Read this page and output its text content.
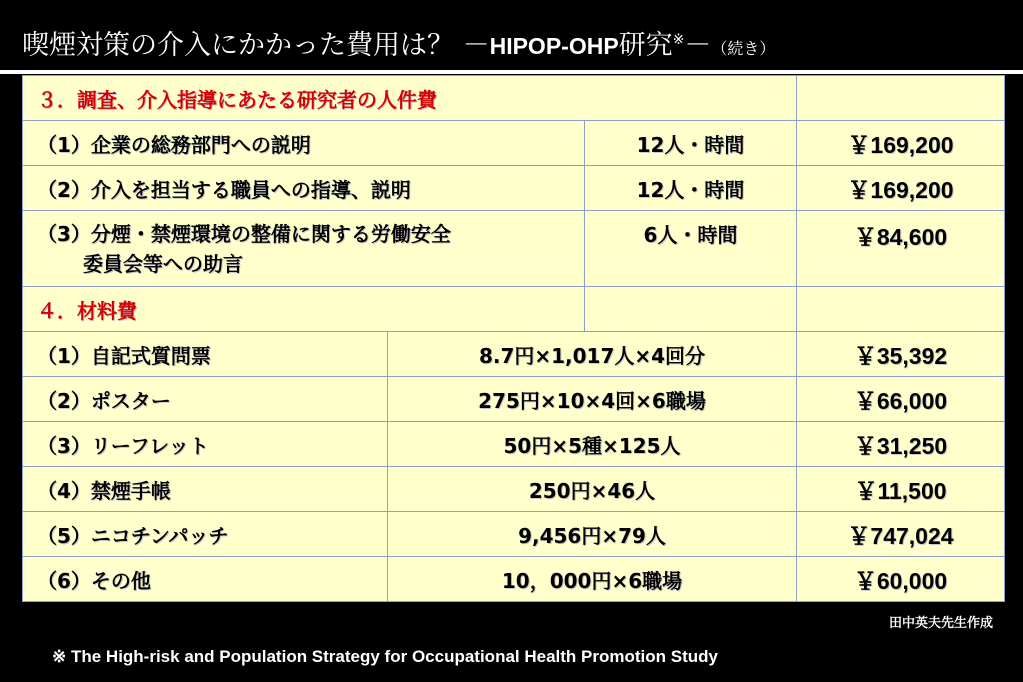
喫煙対策の介入にかかった費用は？ －HIPOP-OHP研究※－（続き）
３．調査、介入指導にあたる研究者の人件費			
（1）企業の総務部門への説明		12人・時間	￥169,200
（2）介入を担当する職員への指導、説明		12人・時間	￥169,200
（3）分煙・禁煙環境の整備に関する労働安全
委員会等への助言		6人・時間	￥84,600
４．材料費			
（1）自記式質問票	8.7円×1,017人×4回分		￥35,392
（2）ポスター	275円×10×4回×6職場		￥66,000
（3）リーフレット	50円×5種×125人		￥31,250
（4）禁煙手帳	250円×46人		￥11,500
（5）ニコチンパッチ	9,456円×79人		￥747,024
（6）その他	10，000円×6職場		￥60,000
田中英夫先生作成
※ The High-risk and Population Strategy for Occupational Health Promotion Study
